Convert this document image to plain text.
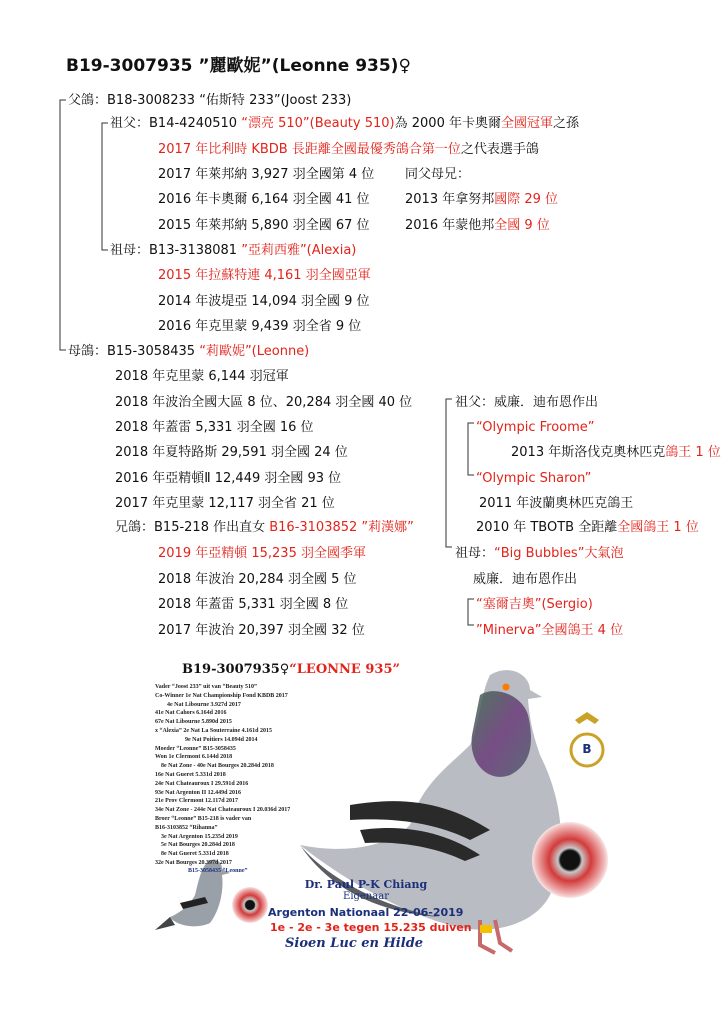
B19-3007935 ”麗歐妮”(Leonne 935)♀
父鴿：B18-3008233 “佑斯特 233”(Joost 233)
祖父：B14-4240510 “漂亮 510”(Beauty 510)為 2000 年卡奧爾全國冠軍之孫
2017 年比利時 KBDB 長距離全國最優秀鴿合第一位之代表選手鴿
2017 年萊邦納 3,927 羽全國第 4 位
2016 年卡奧爾 6,164 羽全國 41 位
2015 年萊邦納 5,890 羽全國 67 位
同父母兄：
2013 年拿努邦國際 29 位
2016 年蒙他邦全國 9 位
祖母：B13-3138081 ”亞莉西雅”(Alexia)
2015 年拉蘇特連 4,161 羽全國亞軍
2014 年波堤亞 14,094 羽全國 9 位
2016 年克里蒙 9,439 羽全省 9 位
母鴿：B15-3058435 “莉歐妮”(Leonne)
2018 年克里蒙 6,144 羽冠軍
2018 年波治全國大區 8 位、20,284 羽全國 40 位
2018 年蓋雷 5,331 羽全國 16 位
2018 年夏特路斯 29,591 羽全國 24 位
2016 年亞精頓Ⅱ 12,449 羽全國 93 位
2017 年克里蒙 12,117 羽全省 21 位
兄鴿：B15-218 作出直女 B16-3103852 ”莉漢娜”
2019 年亞精頓 15,235 羽全國季軍
2018 年波治 20,284 羽全國 5 位
2018 年蓋雷 5,331 羽全國 8 位
2017 年波治 20,397 羽全國 32 位
祖父：威廉．迪布恩作出
“Olympic Froome”
2013 年斯洛伐克奧林匹克鴿王 1 位
“Olympic Sharon”
2011 年波蘭奧林匹克鴿王
2010 年 TBOTB 全距離全國鴿王 1 位
祖母：“Big Bubbles”大氣泡
威廉．迪布恩作出
“塞爾吉奧”(Sergio)
”Minerva”全國鴿王 4 位
B
B19-3007935♀“LEONNE 935”
Vader “Joost 233” uit van “Beauty 510”
Co-Winner 1e Nat Championship Fond KBDB 2017
4e Nat Libourne 3.927d 2017
41e Nat Cahors 6.164d 2016
67e Nat Libourne 5.890d 2015
x “Alexia” 2e Nat La Souterraine 4.161d 2015
9e Nat Poitiers 14.094d 2014
Moeder “Leonne” B15-3058435
Won 1e Clermont 6.144d 2018
8e Nat Zone - 40e Nat Bourges 20.284d 2018
16e Nat Gueret 5.331d 2018
24e Nat Chateauroux I 29.591d 2016
93e Nat Argenton II 12.449d 2016
21e Prov Clermont 12.117d 2017
34e Nat Zone - 244e Nat Chateauroux I 20.036d 2017
Broer “Leonne” B15-218 is vader van
B16-3103852 “Rihanna”
3e Nat Argenton 15.235d 2019
5e Nat Bourges 20.284d 2018
8e Nat Gueret 5.331d 2018
32e Nat Bourges 20.397d 2017
B15-3058435 “Leonne”
Dr. Paul P-K Chiang
Eigenaar
Argenton Nationaal 22-06-2019
1e - 2e - 3e tegen 15.235 duiven
Sioen Luc en Hilde
